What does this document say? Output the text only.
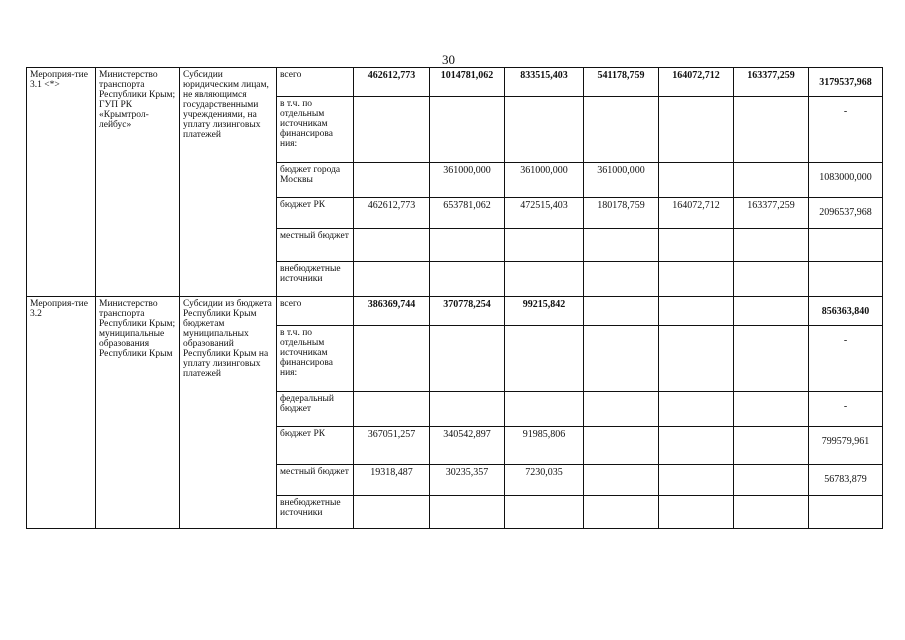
30
Мероприя-тие 3.1 <*>	Министерство транспорта Республики Крым; ГУП РК «Крымтрол-лейбус»	Субсидии юридическим лицам, не являющимся государственными учреждениями, на уплату лизинговых платежей	всего	462612,773	1014781,062	833515,403	541178,759	164072,712	163377,259	3179537,968
			в т.ч. по отдельным источникам финансирова ния:							-
			бюджет города Москвы		361000,000	361000,000	361000,000			1083000,000
			бюджет РК	462612,773	653781,062	472515,403	180178,759	164072,712	163377,259	2096537,968
			местный бюджет							
			внебюджетные источники							
Мероприя-тие 3.2	Министерство транспорта Республики Крым; муниципальные образования Республики Крым	Субсидии из бюджета Республики Крым бюджетам муниципальных образований Республики Крым на уплату лизинговых платежей	всего	386369,744	370778,254	99215,842				856363,840
			в т.ч. по отдельным источникам финансирова ния:							-
			федеральный бюджет							-
			бюджет РК	367051,257	340542,897	91985,806				799579,961
			местный бюджет	19318,487	30235,357	7230,035				56783,879
			внебюджетные источники							
